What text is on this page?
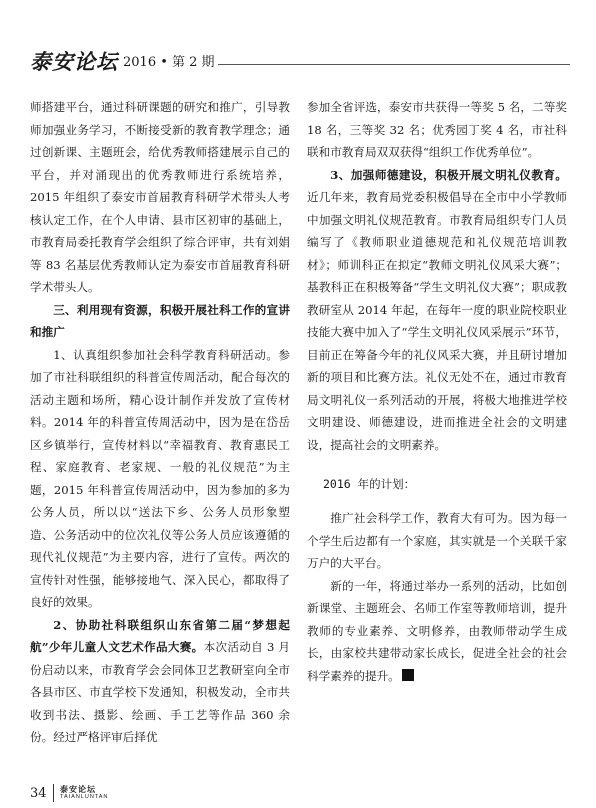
泰安论坛 2016 • 第 2 期

师搭建平台，通过科研课题的研究和推广，引导教师加强业务学习，不断接受新的教育教学理念；通过创新课、主题班会，给优秀教师搭建展示自己的平台，并对涌现出的优秀教师进行系统培养，2015 年组织了泰安市首届教育科研学术带头人考核认定工作，在个人申请、县市区初审的基础上，市教育局委托教育学会组织了综合评审，共有刘娟等 83 名基层优秀教师认定为泰安市首届教育科研学术带头人。

三、利用现有资源，积极开展社科工作的宣讲和推广

1、认真组织参加社会科学教育科研活动。参加了市社科联组织的科普宣传周活动，配合每次的活动主题和场所，精心设计制作并发放了宣传材料。2014 年的科普宣传周活动中，因为是在岱岳区乡镇举行，宣传材料以“幸福教育、教育惠民工程、家庭教育、老家规、一般的礼仪规范”为主题，2015 年科普宣传周活动中，因为参加的多为公务人员，所以以“送法下乡、公务人员形象塑造、公务活动中的位次礼仪等公务人员应该遵循的现代礼仪规范”为主要内容，进行了宣传。两次的宣传针对性强，能够接地气、深入民心，都取得了良好的效果。

2、协助社科联组织山东省第二届“梦想起航”少年儿童人文艺术作品大赛。本次活动自 3 月份启动以来，市教育学会会同体卫艺教研室向全市各县市区、市直学校下发通知，积极发动，全市共收到书法、摄影、绘画、手工艺等作品 360 余份。经过严格评审后择优

参加全省评选，泰安市共获得一等奖 5 名，二等奖 18 名，三等奖 32 名；优秀园丁奖 4 名，市社科联和市教育局双双获得“组织工作优秀单位”。

3、加强师德建设，积极开展文明礼仪教育。近几年来，教育局党委积极倡导在全市中小学教师中加强文明礼仪规范教育。市教育局组织专门人员编写了《教师职业道德规范和礼仪规范培训教材》；师训科正在拟定“教师文明礼仪风采大赛”；基教科正在积极筹备“学生文明礼仪大赛”；职成教教研室从 2014 年起，在每年一度的职业院校职业技能大赛中加入了“学生文明礼仪风采展示”环节，目前正在筹备今年的礼仪风采大赛，并且研讨增加新的项目和比赛方法。礼仪无处不在，通过市教育局文明礼仪一系列活动的开展，将极大地推进学校文明建设、师德建设，进而推进全社会的文明建设，提高社会的文明素养。

2016 年的计划：

推广社会科学工作，教育大有可为。因为每一个学生后边都有一个家庭，其实就是一个关联千家万户的大平台。

新的一年，将通过举办一系列的活动，比如创新课堂、主题班会、名师工作室等教师培训，提升教师的专业素养、文明修养，由教师带动学生成长，由家校共建带动家长成长，促进全社会的社会科学素养的提升。

34 泰安论坛
TAIANLUNTAN
